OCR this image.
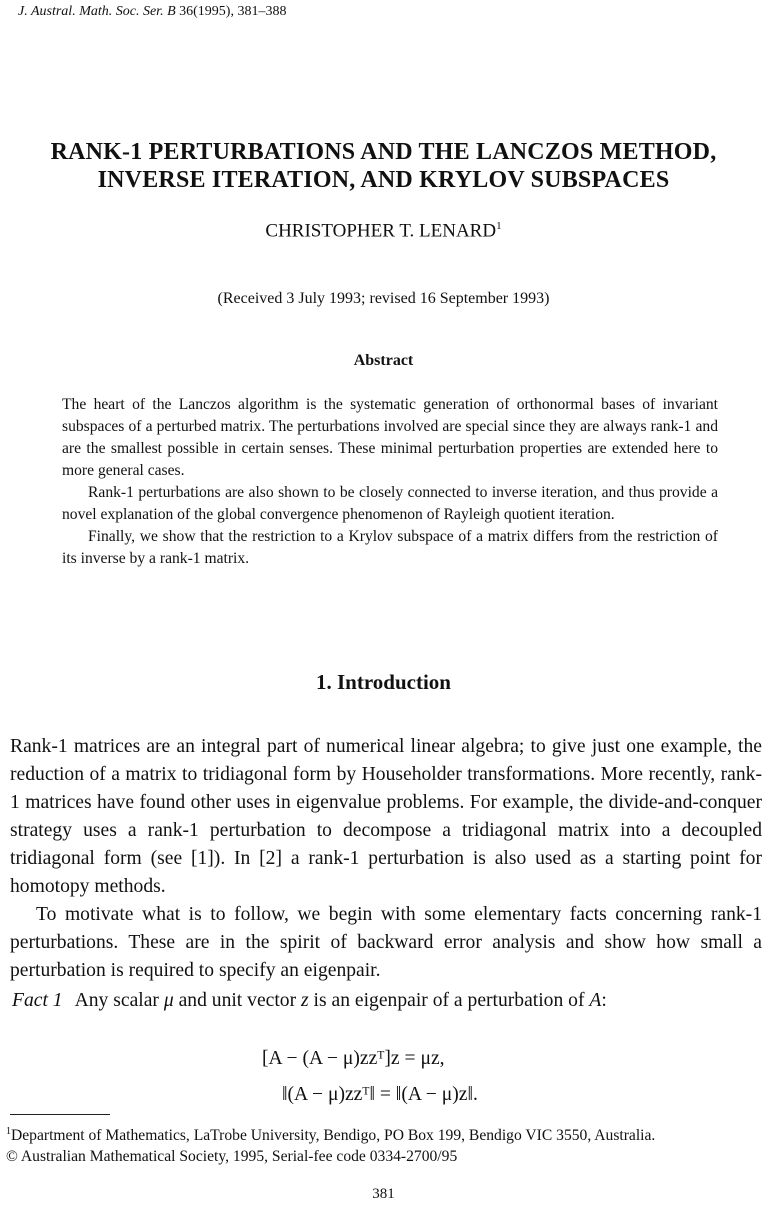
J. Austral. Math. Soc. Ser. B 36(1995), 381–388
RANK-1 PERTURBATIONS AND THE LANCZOS METHOD,
INVERSE ITERATION, AND KRYLOV SUBSPACES
CHRISTOPHER T. LENARD$^1$
(Received 3 July 1993; revised 16 September 1993)
Abstract

The heart of the Lanczos algorithm is the systematic generation of orthonormal bases of invariant subspaces of a perturbed matrix. The perturbations involved are special since they are always rank-1 and are the smallest possible in certain senses. These minimal perturbation properties are extended here to more general cases.

Rank-1 perturbations are also shown to be closely connected to inverse iteration, and thus provide a novel explanation of the global convergence phenomenon of Rayleigh quotient iteration.

Finally, we show that the restriction to a Krylov subspace of a matrix differs from the restriction of its inverse by a rank-1 matrix.

1. Introduction

Rank-1 matrices are an integral part of numerical linear algebra; to give just one example, the reduction of a matrix to tridiagonal form by Householder transformations. More recently, rank-1 matrices have found other uses in eigenvalue problems. For example, the divide-and-conquer strategy uses a rank-1 perturbation to decompose a tridiagonal matrix into a decoupled tridiagonal form (see [1]). In [2] a rank-1 perturbation is also used as a starting point for homotopy methods.

To motivate what is to follow, we begin with some elementary facts concerning rank-1 perturbations. These are in the spirit of backward error analysis and show how small a perturbation is required to specify an eigenpair.

Fact 1 Any scalar μ and unit vector z is an eigenpair of a perturbation of A:
[A − (A − μ)zzᵀ]z = μz,
‖(A − μ)zzᵀ‖ = ‖(A − μ)z‖.
$^1$Department of Mathematics, LaTrobe University, Bendigo, PO Box 199, Bendigo VIC 3550, Australia.
© Australian Mathematical Society, 1995, Serial-fee code 0334-2700/95
381
